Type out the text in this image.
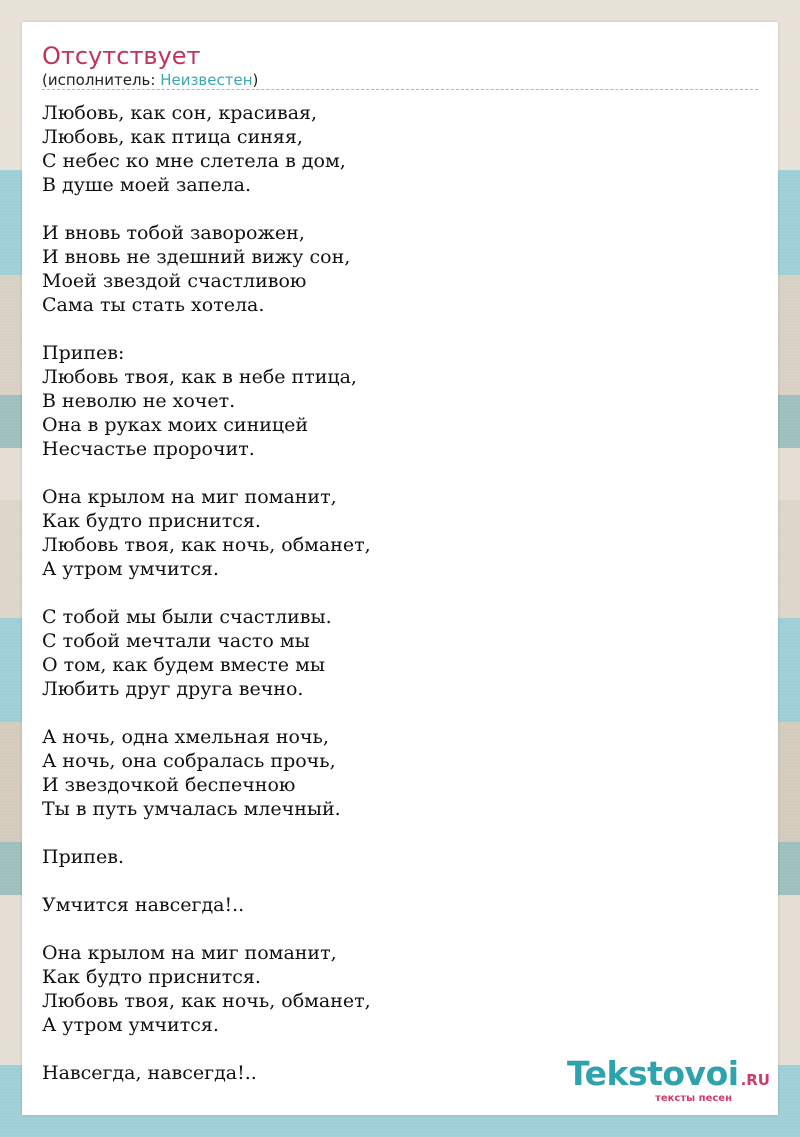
Отсутствует
(исполнитель: Неизвестен)

Любовь, как сон, красивая,
Любовь, как птица синяя,
С небес ко мне слетела в дом,
В душе моей запела.

И вновь тобой заворожен,
И вновь не здешний вижу сон,
Моей звездой счастливою
Сама ты стать хотела.

Припев:
Любовь твоя, как в небе птица,
В неволю не хочет.
Она в руках моих синицей
Несчастье пророчит.

Она крылом на миг поманит,
Как будто приснится.
Любовь твоя, как ночь, обманет,
А утром умчится.

С тобой мы были счастливы.
С тобой мечтали часто мы
О том, как будем вместе мы
Любить друг друга вечно.

А ночь, одна хмельная ночь,
А ночь, она собралась прочь,
И звездочкой беспечною
Ты в путь умчалась млечный.

Припев.

Умчится навсегда!..

Она крылом на миг поманит,
Как будто приснится.
Любовь твоя, как ночь, обманет,
А утром умчится.

Навсегда, навсегда!..	Tekstovoi .RU
тексты песен
